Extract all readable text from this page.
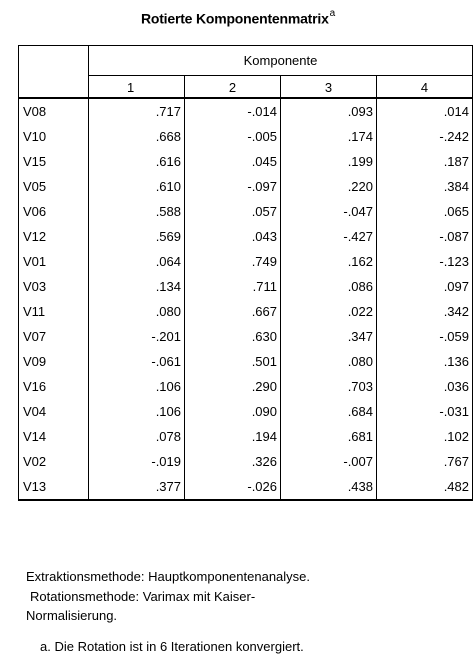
Rotierte Komponentenmatrix$^a$
	Komponente			
	1	2	3	4
V08	.717	-.014	.093	.014
V10	.668	-.005	.174	-.242
V15	.616	.045	.199	.187
V05	.610	-.097	.220	.384
V06	.588	.057	-.047	.065
V12	.569	.043	-.427	-.087
V01	.064	.749	.162	-.123
V03	.134	.711	.086	.097
V11	.080	.667	.022	.342
V07	-.201	.630	.347	-.059
V09	-.061	.501	.080	.136
V16	.106	.290	.703	.036
V04	.106	.090	.684	-.031
V14	.078	.194	.681	.102
V02	-.019	.326	-.007	.767
V13	.377	-.026	.438	.482
Extraktionsmethode: Hauptkomponentenanalyse.
Rotationsmethode: Varimax mit Kaiser-
Normalisierung.
a. Die Rotation ist in 6 Iterationen konvergiert.
